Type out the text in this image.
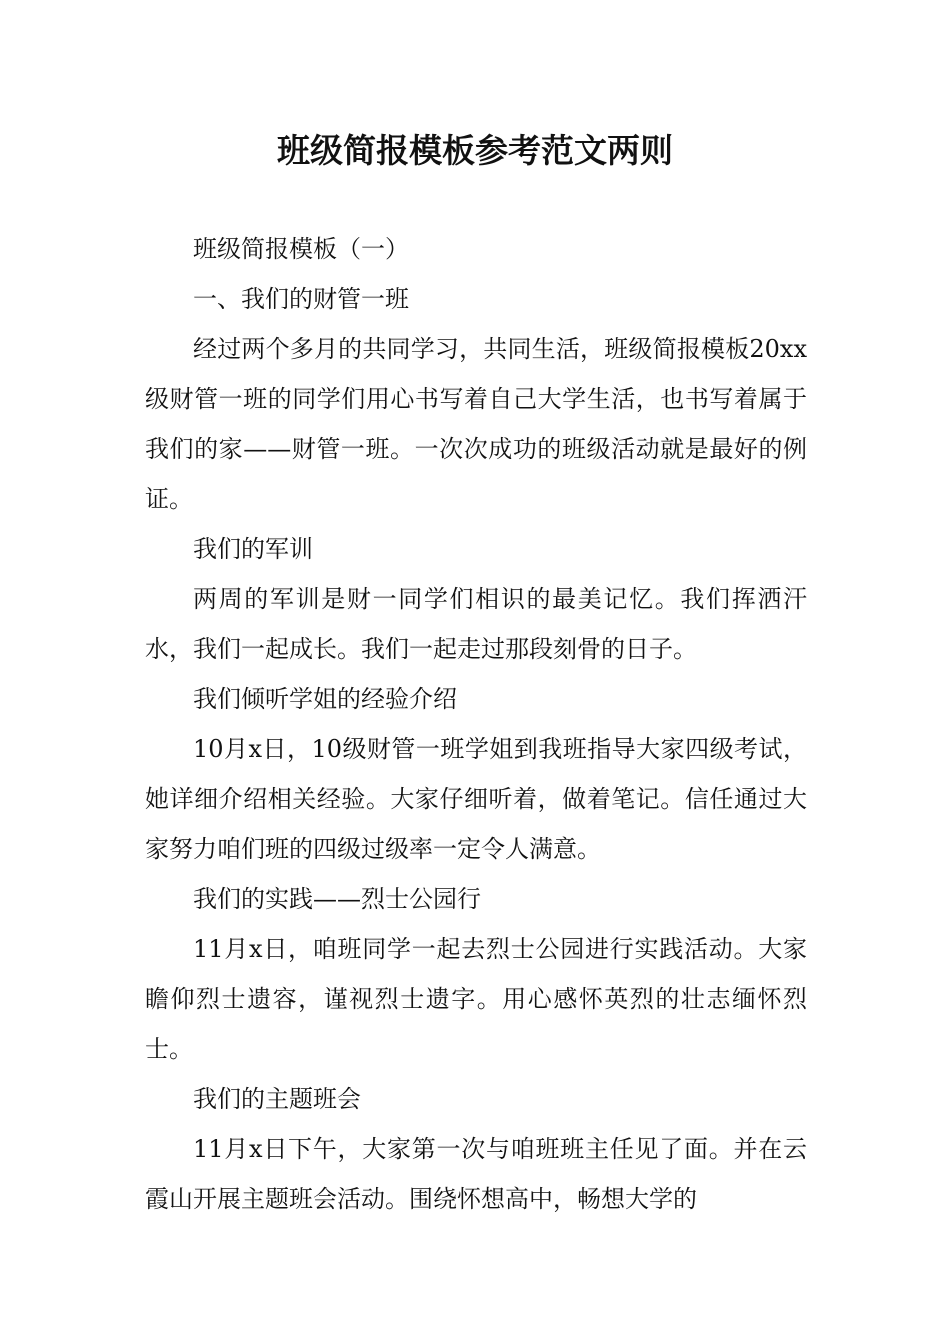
班级简报模板参考范文两则

班级简报模板（一）

一、我们的财管一班

经过两个多月的共同学习，共同生活，班级简报模板20xx级财管一班的同学们用心书写着自己大学生活，也书写着属于我们的家——财管一班。一次次成功的班级活动就是最好的例证。

我们的军训

两周的军训是财一同学们相识的最美记忆。我们挥洒汗水，我们一起成长。我们一起走过那段刻骨的日子。

我们倾听学姐的经验介绍

10月x日，10级财管一班学姐到我班指导大家四级考试，她详细介绍相关经验。大家仔细听着，做着笔记。信任通过大家努力咱们班的四级过级率一定令人满意。

我们的实践——烈士公园行

11月x日，咱班同学一起去烈士公园进行实践活动。大家瞻仰烈士遗容，谨视烈士遗字。用心感怀英烈的壮志缅怀烈士。

我们的主题班会

11月x日下午，大家第一次与咱班班主任见了面。并在云霞山开展主题班会活动。围绕怀想高中，畅想大学的
